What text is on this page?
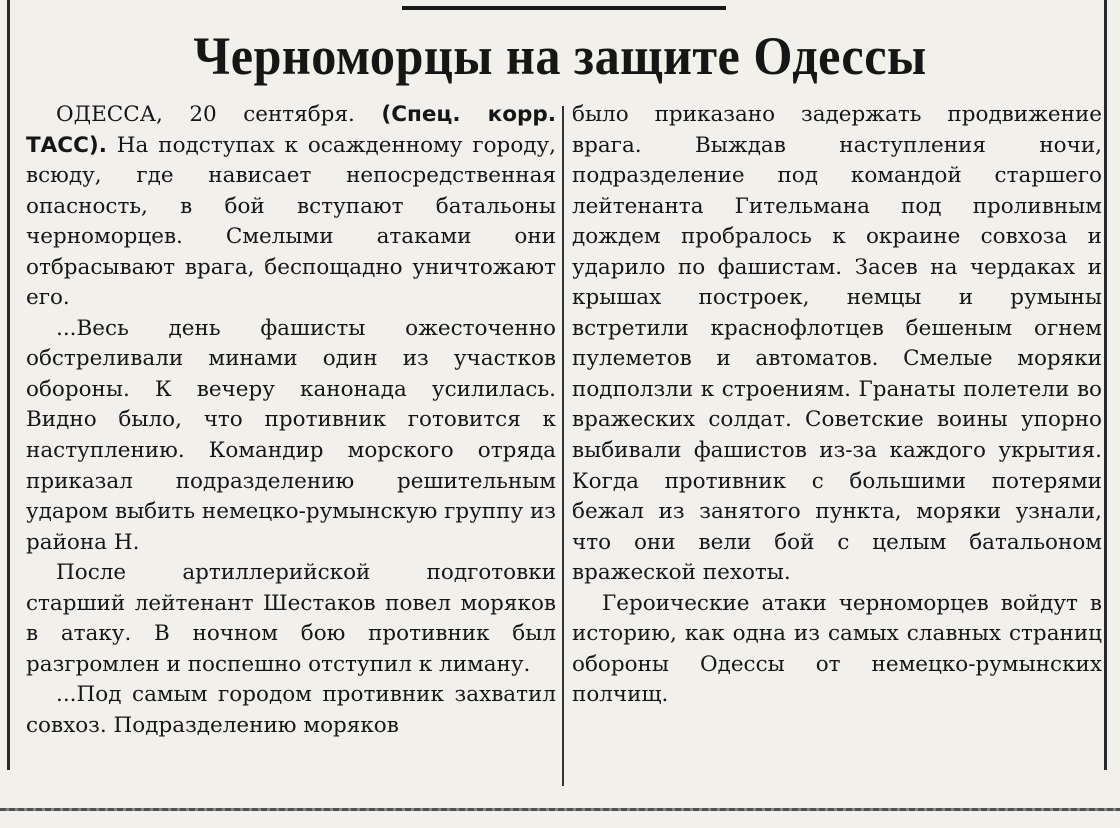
Черноморцы на защите Одессы

ОДЕССА, 20 сентября. (Спец. корр. ТАСС). На подступах к осажденному городу, всюду, где нависает непосредственная опасность, в бой вступают батальоны черноморцев. Смелыми атаками они отбрасывают врага, беспощадно уничтожают его.

...Весь день фашисты ожесточенно обстреливали минами один из участков обороны. К вечеру канонада усилилась. Видно было, что противник готовится к наступлению. Командир морского отряда приказал подразделению решительным ударом выбить немецко-румынскую группу из района Н.

После артиллерийской подготовки старший лейтенант Шестаков повел моряков в атаку. В ночном бою противник был разгромлен и поспешно отступил к лиману.

...Под самым городом противник захватил совхоз. Подразделению моряков

было приказано задержать продвижение врага. Выждав наступления ночи, подразделение под командой старшего лейтенанта Гительмана под проливным дождем пробралось к окраине совхоза и ударило по фашистам. Засев на чердаках и крышах построек, немцы и румыны встретили краснофлотцев бешеным огнем пулеметов и автоматов. Смелые моряки подползли к строениям. Гранаты полетели во вражеских солдат. Советские воины упорно выбивали фашистов из-за каждого укрытия. Когда противник с большими потерями бежал из занятого пункта, моряки узнали, что они вели бой с целым батальоном вражеской пехоты.

Героические атаки черноморцев войдут в историю, как одна из самых славных страниц обороны Одессы от немецко-румынских полчищ.
